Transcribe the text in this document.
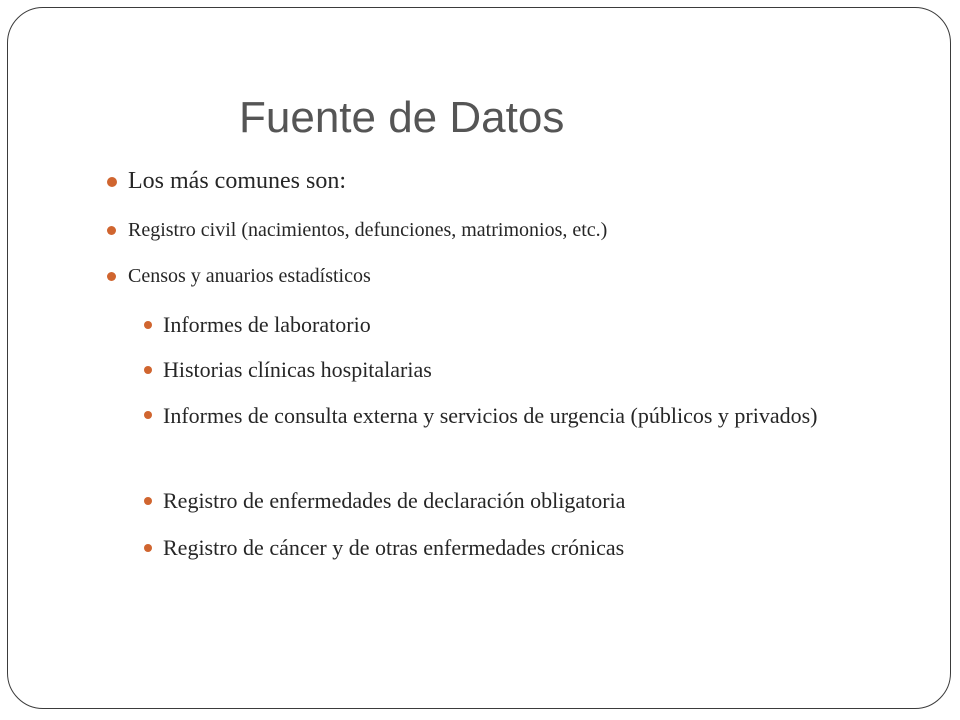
Fuente de Datos
Los más comunes son:
Registro civil (nacimientos, defunciones, matrimonios, etc.)
Censos y anuarios estadísticos
Informes de laboratorio
Historias clínicas hospitalarias
Informes de consulta externa y servicios de urgencia (públicos y privados)
Registro de enfermedades de declaración obligatoria
Registro de cáncer y de otras enfermedades crónicas
